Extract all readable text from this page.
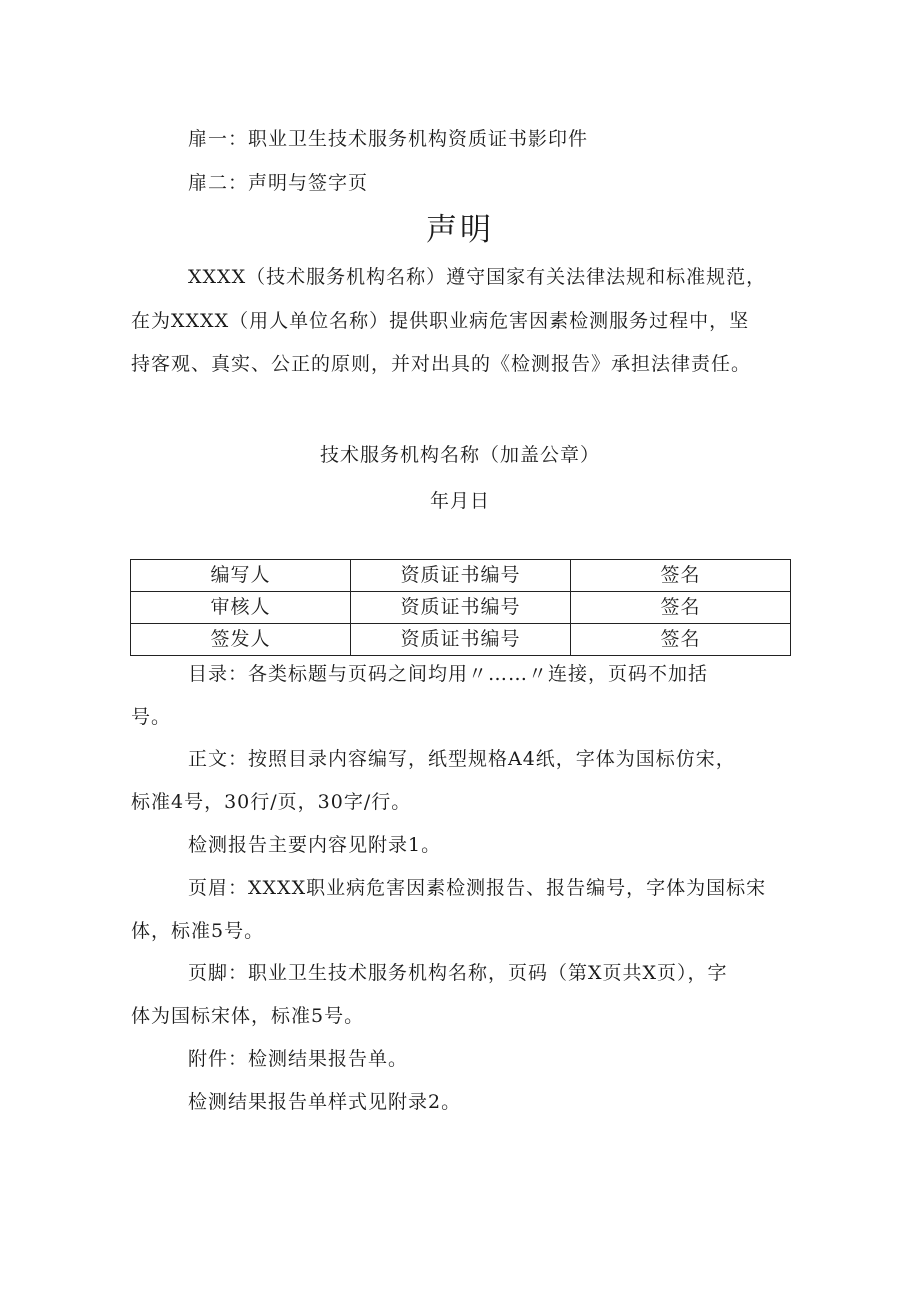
扉一：职业卫生技术服务机构资质证书影印件
扉二：声明与签字页
声明
XXXX（技术服务机构名称）遵守国家有关法律法规和标准规范，
在为XXXX（用人单位名称）提供职业病危害因素检测服务过程中，坚
持客观、真实、公正的原则，并对出具的《检测报告》承担法律责任。
技术服务机构名称（加盖公章）
年月日
编写人	资质证书编号	签名
审核人	资质证书编号	签名
签发人	资质证书编号	签名
目录：各类标题与页码之间均用〃……〃连接，页码不加括
号。
正文：按照目录内容编写，纸型规格A4纸，字体为国标仿宋，
标准4号，30行/页，30字/行。
检测报告主要内容见附录1。
页眉：XXXX职业病危害因素检测报告、报告编号，字体为国标宋
体，标准5号。
页脚：职业卫生技术服务机构名称，页码（第X页共X页），字
体为国标宋体，标准5号。
附件：检测结果报告单。
检测结果报告单样式见附录2。
